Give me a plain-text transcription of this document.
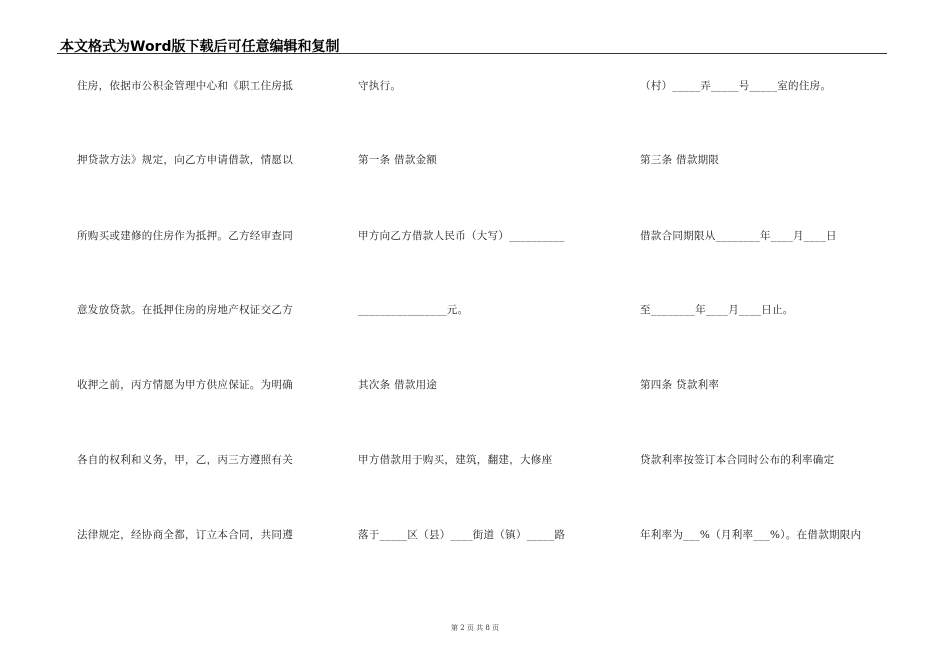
本文格式为Word版下载后可任意编辑和复制
住房，依据市公积金管理中心和《职工住房抵
押贷款方法》规定，向乙方申请借款，情愿以
所购买或建修的住房作为抵押。乙方经审查同
意发放贷款。在抵押住房的房地产权证交乙方
收押之前，丙方情愿为甲方供应保证。为明确
各自的权利和义务，甲，乙，丙三方遵照有关
法律规定，经协商全都，订立本合同，共同遵
守执行。
第一条 借款金额
甲方向乙方借款人民币（大写）__________
________________元。
其次条 借款用途
甲方借款用于购买，建筑，翻建，大修座
落于_____区（县）____街道（镇）_____路
（村）_____弄_____号_____室的住房。
第三条 借款期限
借款合同期限从________年____月____日
至________年____月____日止。
第四条 贷款利率
贷款利率按签订本合同时公布的利率确定
年利率为___%（月利率___%）。在借款期限内
第 2 页 共 8 页
